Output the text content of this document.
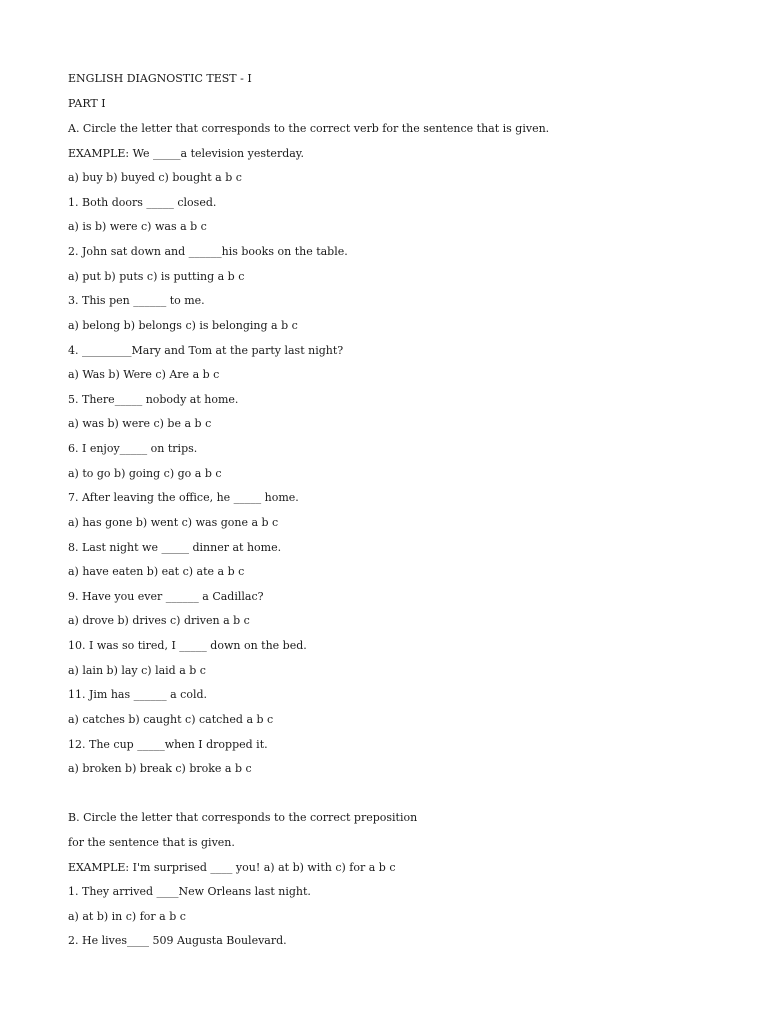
ENGLISH DIAGNOSTIC TEST - I
PART I
A. Circle the letter that corresponds to the correct verb for the sentence that is given.
EXAMPLE: We _____a television yesterday.
a) buy b) buyed c) bought a b c
1. Both doors _____ closed.
a) is b) were c) was a b c
2. John sat down and ______his books on the table.
a) put b) puts c) is putting a b c
3. This pen ______ to me.
a) belong b) belongs c) is belonging a b c
4. _________Mary and Tom at the party last night?
a) Was b) Were c) Are a b c
5. There_____ nobody at home.
a) was b) were c) be a b c
6. I enjoy_____ on trips.
a) to go b) going c) go a b c
7. After leaving the office, he _____ home.
a) has gone b) went c) was gone a b c
8. Last night we _____ dinner at home.
a) have eaten b) eat c) ate a b c
9. Have you ever ______ a Cadillac?
a) drove b) drives c) driven a b c
10. I was so tired, I _____ down on the bed.
a) lain b) lay c) laid a b c
11. Jim has ______ a cold.
a) catches b) caught c) catched a b c
12. The cup _____when I dropped it.
a) broken b) break c) broke a b c
B. Circle the letter that corresponds to the correct preposition
for the sentence that is given.
EXAMPLE: I'm surprised ____ you! a) at b) with c) for a b c
1. They arrived ____New Orleans last night.
a) at b) in c) for a b c
2. He lives____ 509 Augusta Boulevard.
